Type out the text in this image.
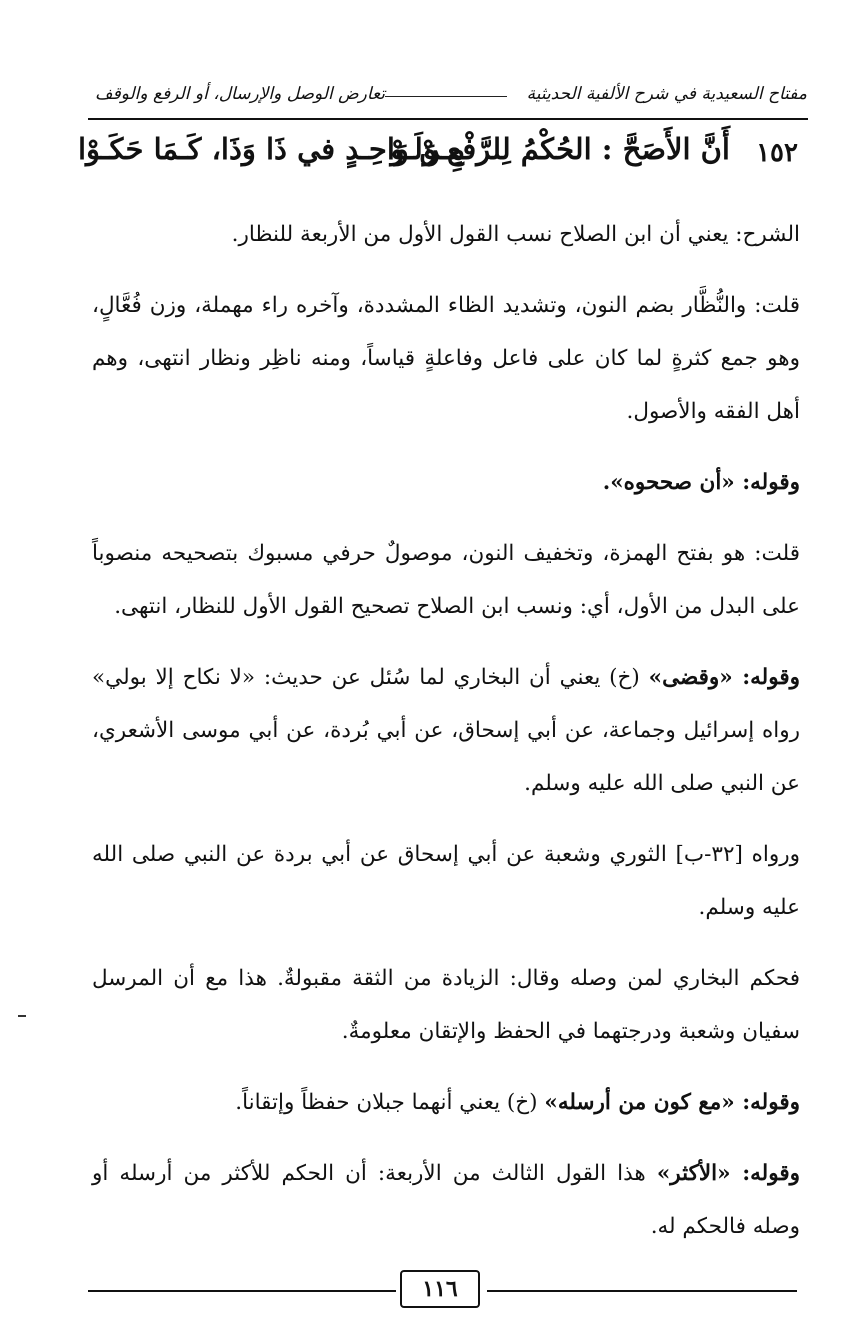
مفتاح السعيدية في شرح الألفية الحديثية
تعارض الوصل والإرسال، أو الرفع والوقف
١٥٢
أَنَّ الأَصَحَّ : الحُكْمُ لِلرَّفْعِ وَلَـوْ
مِـنْ وَاحِـدٍ في ذَا وَذَا، كَـمَا حَكَـوْا

الشرح: يعني أن ابن الصلاح نسب القول الأول من الأربعة للنظار.

قلت: والنُّظَّار بضم النون، وتشديد الظاء المشددة، وآخره راء مهملة، وزن فُعَّالٍ، وهو جمع كثرةٍ لما كان على فاعل وفاعلةٍ قياساً، ومنه ناظِر ونظار انتهى، وهم أهل الفقه والأصول.

وقوله: «أن صححوه».

قلت: هو بفتح الهمزة، وتخفيف النون، موصولٌ حرفي مسبوك بتصحيحه منصوباً على البدل من الأول، أي: ونسب ابن الصلاح تصحيح القول الأول للنظار، انتهى.

وقوله: «وقضى» (خ) يعني أن البخاري لما سُئل عن حديث: «لا نكاح إلا بولي» رواه إسرائيل وجماعة، عن أبي إسحاق، عن أبي بُردة، عن أبي موسى الأشعري، عن النبي صلى الله عليه وسلم.

ورواه [٣٢-ب] الثوري وشعبة عن أبي إسحاق عن أبي بردة عن النبي صلى الله عليه وسلم.

فحكم البخاري لمن وصله وقال: الزيادة من الثقة مقبولةٌ. هذا مع أن المرسل سفيان وشعبة ودرجتهما في الحفظ والإتقان معلومةٌ.

وقوله: «مع كون من أرسله» (خ) يعني أنهما جبلان حفظاً وإتقاناً.

وقوله: «الأكثر» هذا القول الثالث من الأربعة: أن الحكم للأكثر من أرسله أو وصله فالحكم له.

١١٦
